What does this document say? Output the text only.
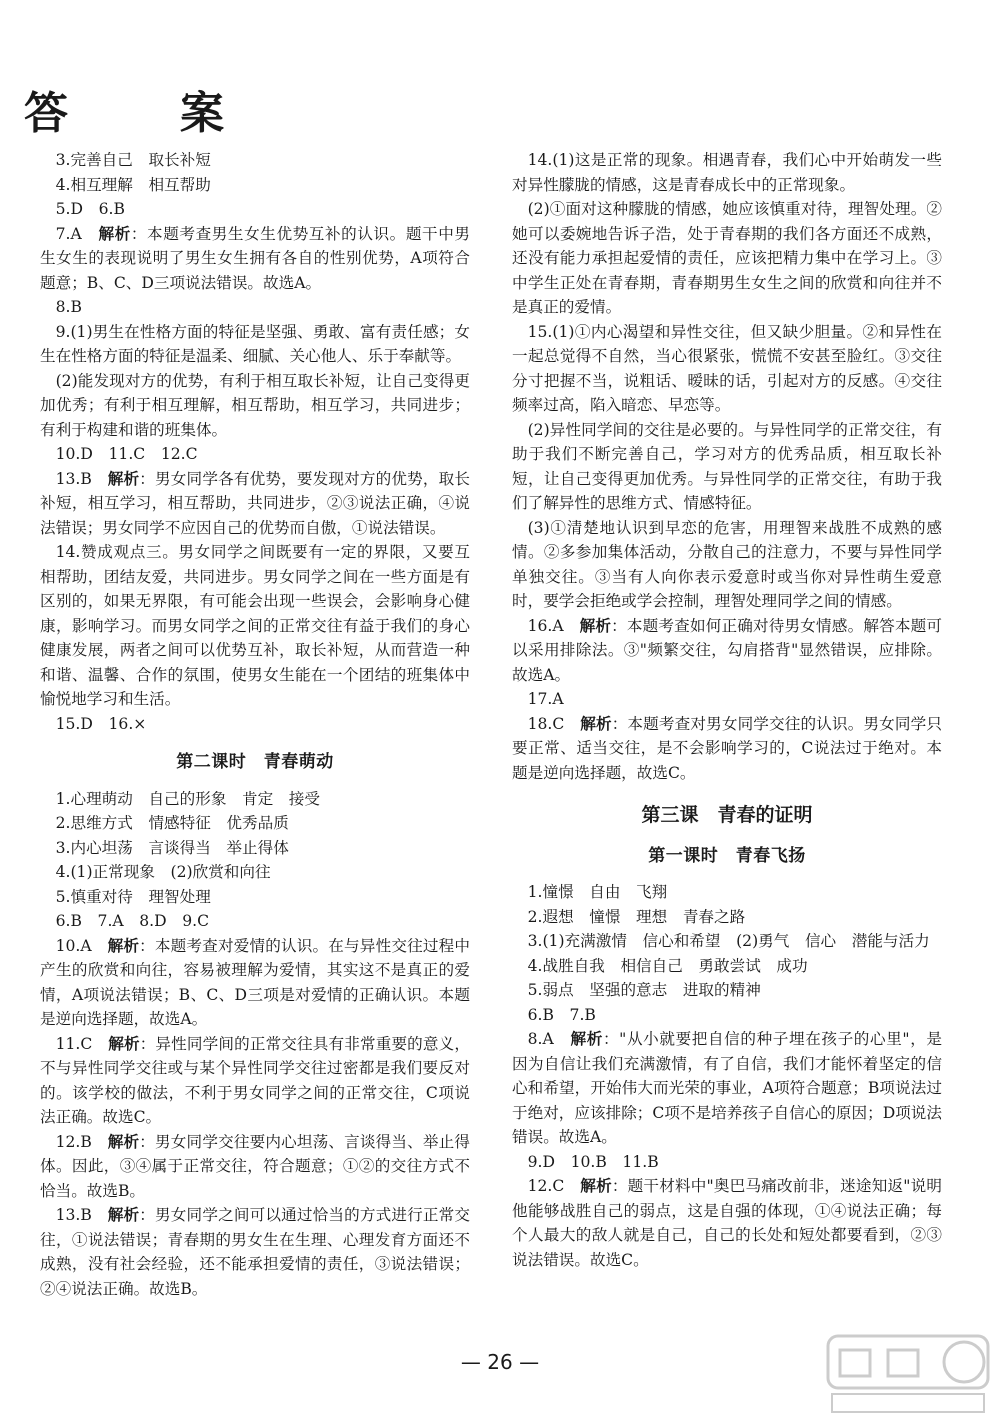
答　案

3.完善自己　取长补短

4.相互理解　相互帮助

5.D　6.B

7.A　解析：本题考查男生女生优势互补的认识。题干中男生女生的表现说明了男生女生拥有各自的性别优势，A项符合题意；B、C、D三项说法错误。故选A。

8.B

9.(1)男生在性格方面的特征是坚强、勇敢、富有责任感；女生在性格方面的特征是温柔、细腻、关心他人、乐于奉献等。

(2)能发现对方的优势，有利于相互取长补短，让自己变得更加优秀；有利于相互理解，相互帮助，相互学习，共同进步；有利于构建和谐的班集体。

10.D　11.C　12.C

13.B　解析：男女同学各有优势，要发现对方的优势，取长补短，相互学习，相互帮助，共同进步，②③说法正确，④说法错误；男女同学不应因自己的优势而自傲，①说法错误。

14.赞成观点三。男女同学之间既要有一定的界限，又要互相帮助，团结友爱，共同进步。男女同学之间在一些方面是有区别的，如果无界限，有可能会出现一些误会，会影响身心健康，影响学习。而男女同学之间的正常交往有益于我们的身心健康发展，两者之间可以优势互补，取长补短，从而营造一种和谐、温馨、合作的氛围，使男女生能在一个团结的班集体中愉悦地学习和生活。

15.D　16.×

第二课时　青春萌动

1.心理萌动　自己的形象　肯定　接受

2.思维方式　情感特征　优秀品质

3.内心坦荡　言谈得当　举止得体

4.(1)正常现象　(2)欣赏和向往

5.慎重对待　理智处理

6.B　7.A　8.D　9.C

10.A　解析：本题考查对爱情的认识。在与异性交往过程中产生的欣赏和向往，容易被理解为爱情，其实这不是真正的爱情，A项说法错误；B、C、D三项是对爱情的正确认识。本题是逆向选择题，故选A。

11.C　解析：异性同学间的正常交往具有非常重要的意义，不与异性同学交往或与某个异性同学交往过密都是我们要反对的。该学校的做法，不利于男女同学之间的正常交往，C项说法正确。故选C。

12.B　解析：男女同学交往要内心坦荡、言谈得当、举止得体。因此，③④属于正常交往，符合题意；①②的交往方式不恰当。故选B。

13.B　解析：男女同学之间可以通过恰当的方式进行正常交往，①说法错误；青春期的男女生在生理、心理发育方面还不成熟，没有社会经验，还不能承担爱情的责任，③说法错误；②④说法正确。故选B。

14.(1)这是正常的现象。相遇青春，我们心中开始萌发一些对异性朦胧的情感，这是青春成长中的正常现象。

(2)①面对这种朦胧的情感，她应该慎重对待，理智处理。②她可以委婉地告诉子浩，处于青春期的我们各方面还不成熟，还没有能力承担起爱情的责任，应该把精力集中在学习上。③中学生正处在青春期，青春期男生女生之间的欣赏和向往并不是真正的爱情。

15.(1)①内心渴望和异性交往，但又缺少胆量。②和异性在一起总觉得不自然，当心很紧张，慌慌不安甚至脸红。③交往分寸把握不当，说粗话、暧昧的话，引起对方的反感。④交往频率过高，陷入暗恋、早恋等。

(2)异性同学间的交往是必要的。与异性同学的正常交往，有助于我们不断完善自己，学习对方的优秀品质，相互取长补短，让自己变得更加优秀。与异性同学的正常交往，有助于我们了解异性的思维方式、情感特征。

(3)①清楚地认识到早恋的危害，用理智来战胜不成熟的感情。②多参加集体活动，分散自己的注意力，不要与异性同学单独交往。③当有人向你表示爱意时或当你对异性萌生爱意时，要学会拒绝或学会控制，理智处理同学之间的情感。

16.A　解析：本题考查如何正确对待男女情感。解答本题可以采用排除法。③"频繁交往，勾肩搭背"显然错误，应排除。故选A。

17.A

18.C　解析：本题考查对男女同学交往的认识。男女同学只要正常、适当交往，是不会影响学习的，C说法过于绝对。本题是逆向选择题，故选C。

第三课　青春的证明
第一课时　青春飞扬

1.憧憬　自由　飞翔

2.遐想　憧憬　理想　青春之路

3.(1)充满激情　信心和希望　(2)勇气　信心　潜能与活力

4.战胜自我　相信自己　勇敢尝试　成功

5.弱点　坚强的意志　进取的精神

6.B　7.B

8.A　解析："从小就要把自信的种子埋在孩子的心里"，是因为自信让我们充满激情，有了自信，我们才能怀着坚定的信心和希望，开始伟大而光荣的事业，A项符合题意；B项说法过于绝对，应该排除；C项不是培养孩子自信心的原因；D项说法错误。故选A。

9.D　10.B　11.B

12.C　解析：题干材料中"奥巴马痛改前非，迷途知返"说明他能够战胜自己的弱点，这是自强的体现，①④说法正确；每个人最大的敌人就是自己，自己的长处和短处都要看到，②③说法错误。故选C。

— 26 —
